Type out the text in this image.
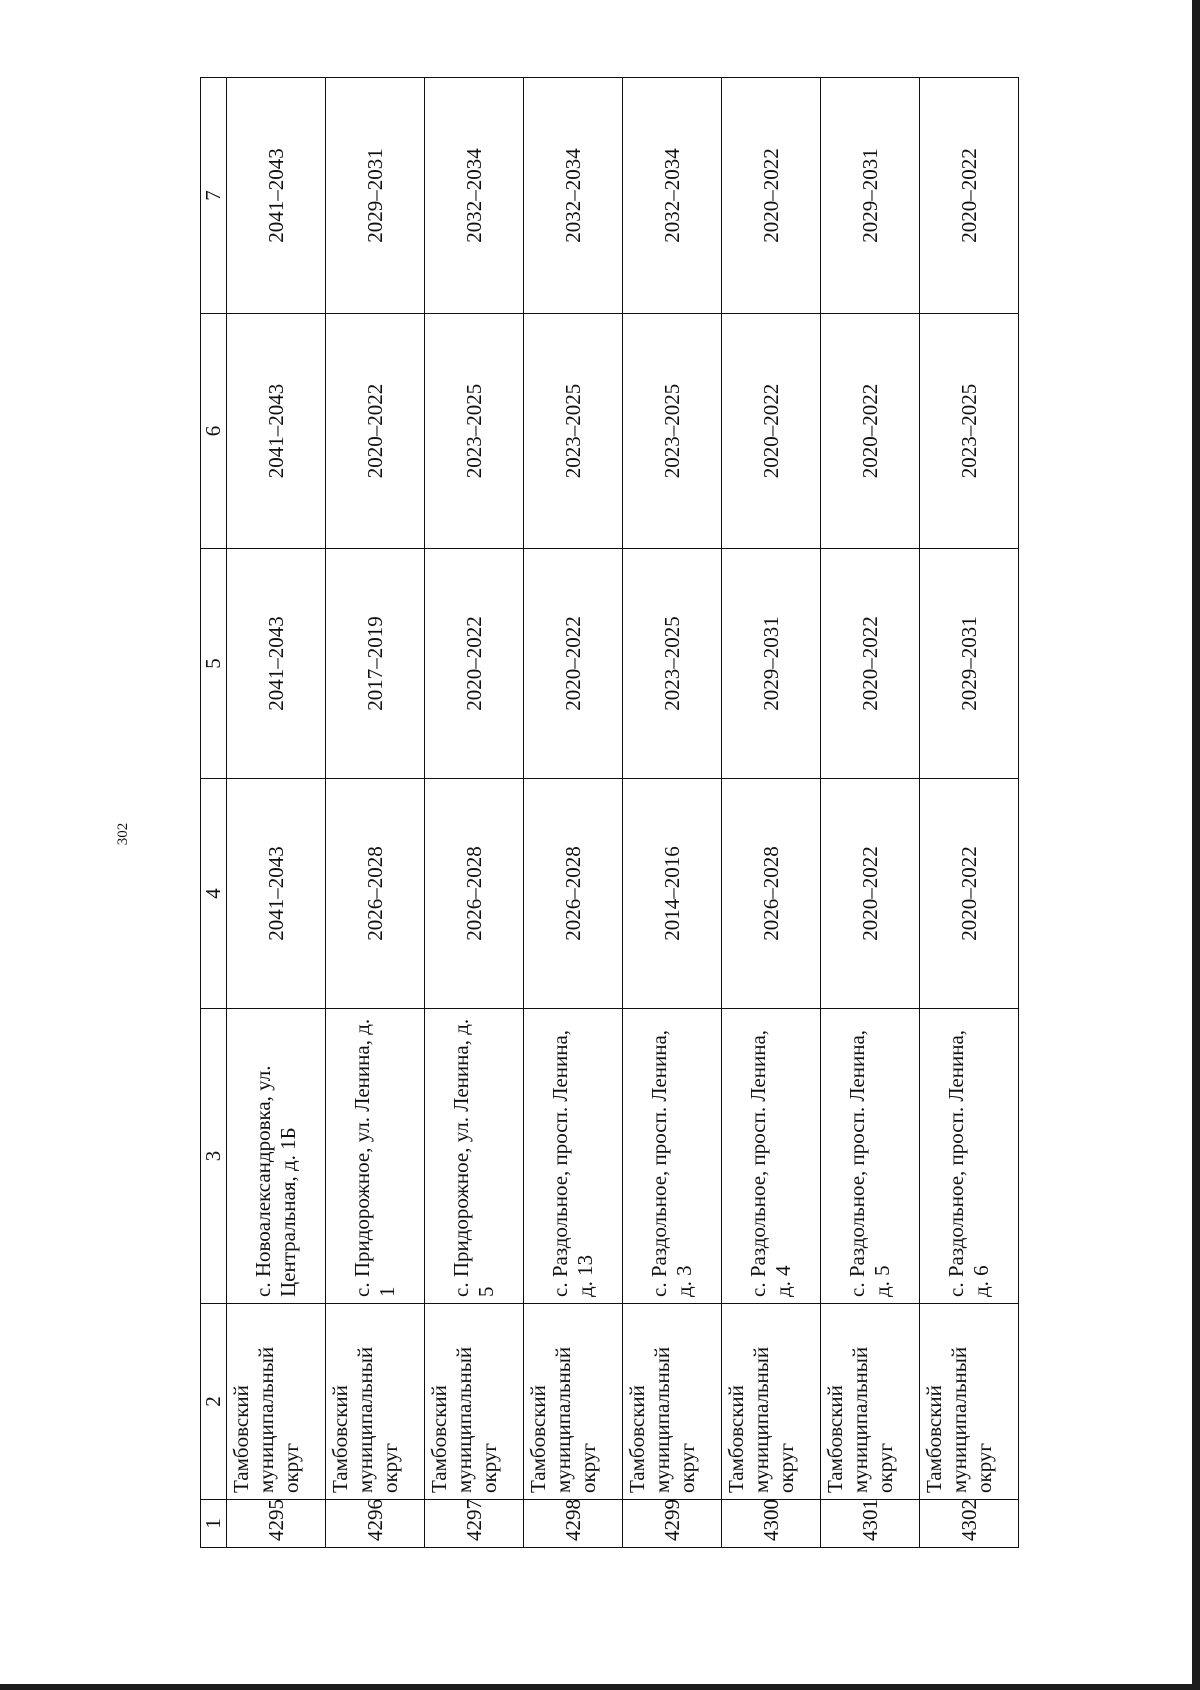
302
1	2	3	4	5	6	7
4295	Тамбовский муниципальный округ	с. Новоалександровка, ул. Центральная, д. 1Б	2041–2043	2041–2043	2041–2043	2041–2043
4296	Тамбовский муниципальный округ	с. Придорожное, ул. Ленина, д. 1	2026–2028	2017–2019	2020–2022	2029–2031
4297	Тамбовский муниципальный округ	с. Придорожное, ул. Ленина, д. 5	2026–2028	2020–2022	2023–2025	2032–2034
4298	Тамбовский муниципальный округ	с. Раздольное, просп. Ленина, д. 13	2026–2028	2020–2022	2023–2025	2032–2034
4299	Тамбовский муниципальный округ	с. Раздольное, просп. Ленина, д. 3	2014–2016	2023–2025	2023–2025	2032–2034
4300	Тамбовский муниципальный округ	с. Раздольное, просп. Ленина, д. 4	2026–2028	2029–2031	2020–2022	2020–2022
4301	Тамбовский муниципальный округ	с. Раздольное, просп. Ленина, д. 5	2020–2022	2020–2022	2020–2022	2029–2031
4302	Тамбовский муниципальный округ	с. Раздольное, просп. Ленина, д. 6	2020–2022	2029–2031	2023–2025	2020–2022
